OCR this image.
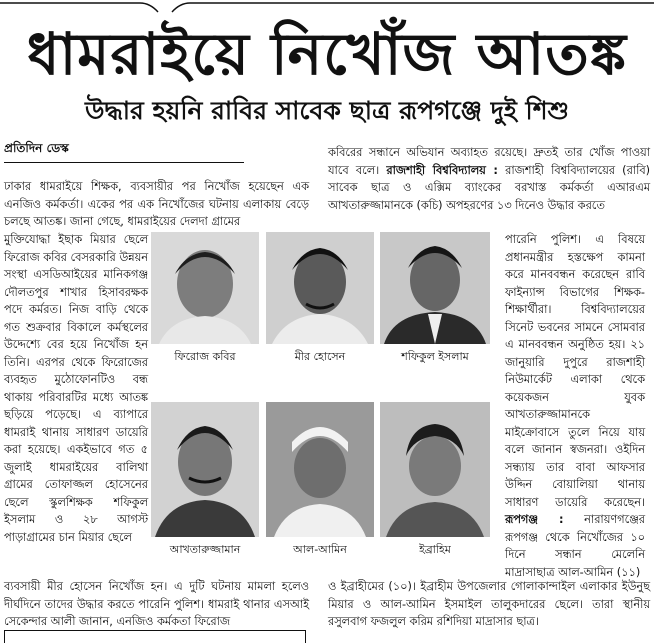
ধামরাইয়ে নিখোঁজ আতঙ্ক
উদ্ধার হয়নি রাবির সাবেক ছাত্র রূপগঞ্জে দুই শিশু
প্রতিদিন ডেস্ক
ঢাকার ধামরাইয়ে শিক্ষক, ব্যবসায়ীর পর নিখোঁজ হয়েছেন এক এনজিও কর্মকর্তা। একের পর এক নিখোঁজের ঘটনায় এলাকায় বেড়ে চলছে আতঙ্ক। জানা গেছে, ধামরাইয়ের দেলদা গ্রামের
মুক্তিযোদ্ধা ইছাক মিয়ার ছেলে ফিরোজ কবির বেসরকারি উন্নয়ন সংস্থা এসডিআইয়ের মানিকগঞ্জ দৌলতপুর শাখার হিসাবরক্ষক পদে কর্মরত। নিজ বাড়ি থেকে গত শুক্রবার বিকালে কর্মস্থলের উদ্দেশ্যে বের হয়ে নিখোঁজ হন তিনি। এরপর থেকে ফিরোজের ব্যবহৃত মুঠোফোনটিও বন্ধ থাকায় পরিবারটির মধ্যে আতঙ্ক ছড়িয়ে পড়েছে। এ ব্যাপারে ধামরাই থানায় সাধারণ ডায়েরি করা হয়েছে। একইভাবে গত ৫ জুলাই ধামরাইয়ের বালিথা গ্রামের তোফাজ্জল হোসেনের ছেলে স্কুলশিক্ষক শফিকুল ইসলাম ও ২৮ আগস্ট পাড়াগ্রামের চান মিয়ার ছেলে
ব্যবসায়ী মীর হোসেন নিখোঁজ হন। এ দুটি ঘটনায় মামলা হলেও দীর্ঘদিনে তাদের উদ্ধার করতে পারেনি পুলিশ। ধামরাই থানার এসআই সেকেন্দার আলী জানান, এনজিও কর্মকতা ফিরোজ
কবিরের সন্ধানে অভিযান অব্যাহত রয়েছে। দ্রুতই তার খোঁজ পাওয়া যাবে বলে। রাজশাহী বিশ্ববিদ্যালয় : রাজশাহী বিশ্ববিদ্যালয়ের (রাবি) সাবেক ছাত্র ও এক্সিম ব্যাংকের বরখাস্ত কর্মকর্তা এআরএম আখতারুজ্জামানকে (কচি) অপহরণের ১৩ দিনেও উদ্ধার করতে
পারেনি পুলিশ। এ বিষয়ে প্রধানমন্ত্রীর হস্তক্ষেপ কামনা করে মানববন্ধন করেছেন রাবি ফাইন্যান্স বিভাগের শিক্ষক-শিক্ষার্থীরা। বিশ্ববিদ্যালয়ের সিনেট ভবনের সামনে সোমবার এ মানববন্ধন অনুষ্ঠিত হয়। ২১ জানুয়ারি দুপুরে রাজশাহী নিউমার্কেট এলাকা থেকে কয়েকজন যুবক আখতারুজ্জামানকে মাইক্রোবাসে তুলে নিয়ে যায় বলে জানান স্বজনরা। ওইদিন সন্ধ্যায় তার বাবা আফসার উদ্দিন বোয়ালিয়া থানায় সাধারণ ডায়েরি করেছেন। রূপগঞ্জ : নারায়ণগঞ্জের রূপগঞ্জ থেকে নিখোঁজের ১০ দিনে সন্ধান মেলেনি মাদ্রাসাছাত্র আল-আমিন (১১)
ও ইব্রাহীমের (১০)। ইব্রাহীম উপজেলার গোলাকান্দাইল এলাকার ইউনুছ মিয়ার ও আল-আমিন ইসমাইল তালুকদারের ছেলে। তারা স্থানীয় রসুলবাগ ফজলুল করিম রশিদিয়া মাদ্রাসার ছাত্র।
ফিরোজ কবির	মীর হোসেন	শফিকুল ইসলাম
আখতারুজ্জামান	আল-আমিন	ইব্রাহিম
